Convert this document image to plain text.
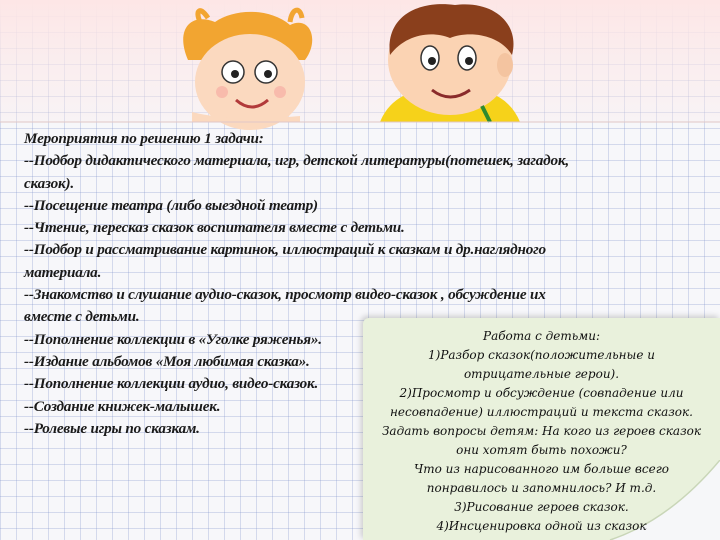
Мероприятия по решению 1 задачи:
--Подбор дидактического материала, игр, детской литературы(потешек, загадок,
сказок).
--Посещение театра (либо выездной театр)
--Чтение, пересказ сказок воспитателя вместе с детьми.
--Подбор и рассматривание картинок, иллюстраций к сказкам и др.наглядного
материала.
--Знакомство и слушание аудио-сказок, просмотр видео-сказок , обсуждение их
вместе с детьми.
--Пополнение коллекции в «Уголке ряженья».
--Издание альбомов «Моя любимая сказка».
--Пополнение коллекции аудио, видео-сказок.
--Создание книжек-малышек.
--Ролевые игры по сказкам.
Работа с детьми:
1)Разбор сказок(положительные и
отрицательные герои).
2)Просмотр и обсуждение (совпадение или
несовпадение) иллюстраций и текста сказок.
Задать вопросы детям: На кого из героев сказок
они хотят быть похожи?
Что из нарисованного им больше всего
понравилось и запомнилось? И т.д.
3)Рисование героев сказок.
4)Инсценировка одной из сказок
